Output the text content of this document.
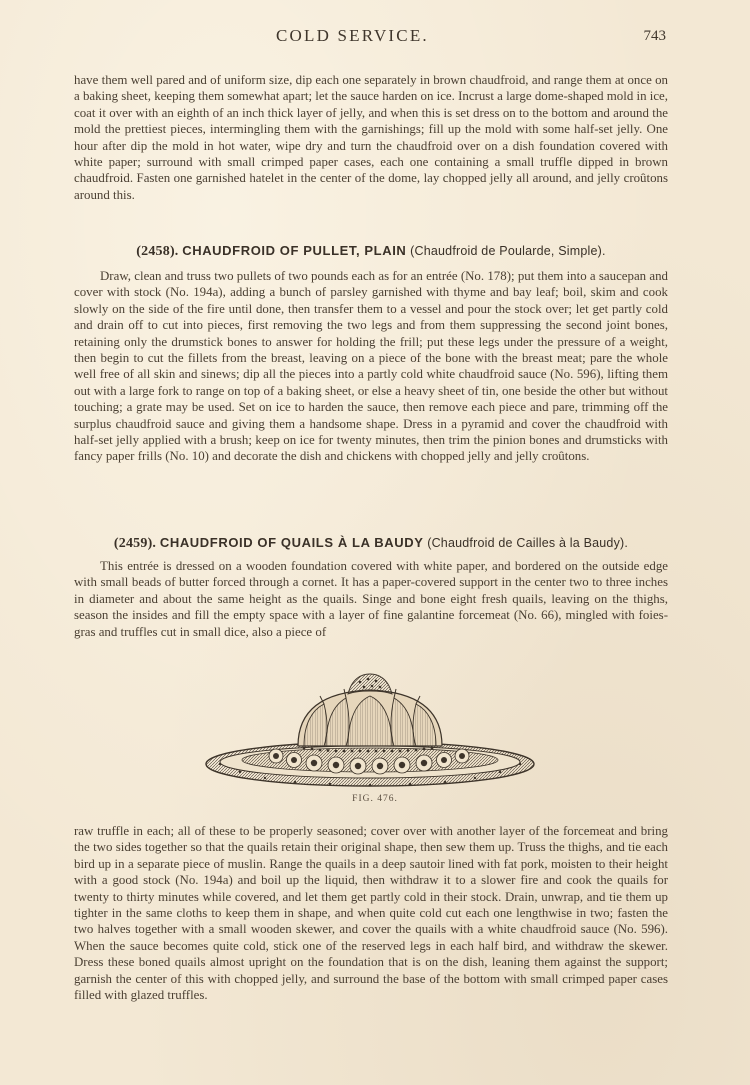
COLD SERVICE.	743

have them well pared and of uniform size, dip each one separately in brown chaudfroid, and range them at once on a baking sheet, keeping them somewhat apart; let the sauce harden on ice. Incrust a large dome-shaped mold in ice, coat it over with an eighth of an inch thick layer of jelly, and when this is set dress on to the bottom and around the mold the prettiest pieces, intermingling them with the garnishings; fill up the mold with some half-set jelly. One hour after dip the mold in hot water, wipe dry and turn the chaudfroid over on a dish foundation covered with white paper; surround with small crimped paper cases, each one containing a small truffle dipped in brown chaudfroid. Fasten one garnished hatelet in the center of the dome, lay chopped jelly all around, and jelly croûtons around this.

(2458). CHAUDFROID OF PULLET, PLAIN (Chaudfroid de Poularde, Simple).

Draw, clean and truss two pullets of two pounds each as for an entrée (No. 178); put them into a saucepan and cover with stock (No. 194a), adding a bunch of parsley garnished with thyme and bay leaf; boil, skim and cook slowly on the side of the fire until done, then transfer them to a vessel and pour the stock over; let get partly cold and drain off to cut into pieces, first removing the two legs and from them suppressing the second joint bones, retaining only the drumstick bones to answer for holding the frill; put these legs under the pressure of a weight, then begin to cut the fillets from the breast, leaving on a piece of the bone with the breast meat; pare the whole well free of all skin and sinews; dip all the pieces into a partly cold white chaudfroid sauce (No. 596), lifting them out with a large fork to range on top of a baking sheet, or else a heavy sheet of tin, one beside the other but without touching; a grate may be used. Set on ice to harden the sauce, then remove each piece and pare, trimming off the surplus chaudfroid sauce and giving them a handsome shape. Dress in a pyramid and cover the chaudfroid with half-set jelly applied with a brush; keep on ice for twenty minutes, then trim the pinion bones and drumsticks with fancy paper frills (No. 10) and decorate the dish and chickens with chopped jelly and jelly croûtons.

(2459). CHAUDFROID OF QUAILS À LA BAUDY (Chaudfroid de Cailles à la Baudy).

This entrée is dressed on a wooden foundation covered with white paper, and bordered on the outside edge with small beads of butter forced through a cornet. It has a paper-covered support in the center two to three inches in diameter and about the same height as the quails. Singe and bone eight fresh quails, leaving on the thighs, season the insides and fill the empty space with a layer of fine galantine forcemeat (No. 66), mingled with foies-gras and truffles cut in small dice, also a piece of

FIG. 476.

raw truffle in each; all of these to be properly seasoned; cover over with another layer of the forcemeat and bring the two sides together so that the quails retain their original shape, then sew them up. Truss the thighs, and tie each bird up in a separate piece of muslin. Range the quails in a deep sautoir lined with fat pork, moisten to their height with a good stock (No. 194a) and boil up the liquid, then withdraw it to a slower fire and cook the quails for twenty to thirty minutes while covered, and let them get partly cold in their stock. Drain, unwrap, and tie them up tighter in the same cloths to keep them in shape, and when quite cold cut each one lengthwise in two; fasten the two halves together with a small wooden skewer, and cover the quails with a white chaudfroid sauce (No. 596). When the sauce becomes quite cold, stick one of the reserved legs in each half bird, and withdraw the skewer. Dress these boned quails almost upright on the foundation that is on the dish, leaning them against the support; garnish the center of this with chopped jelly, and surround the base of the bottom with small crimped paper cases filled with glazed truffles.
